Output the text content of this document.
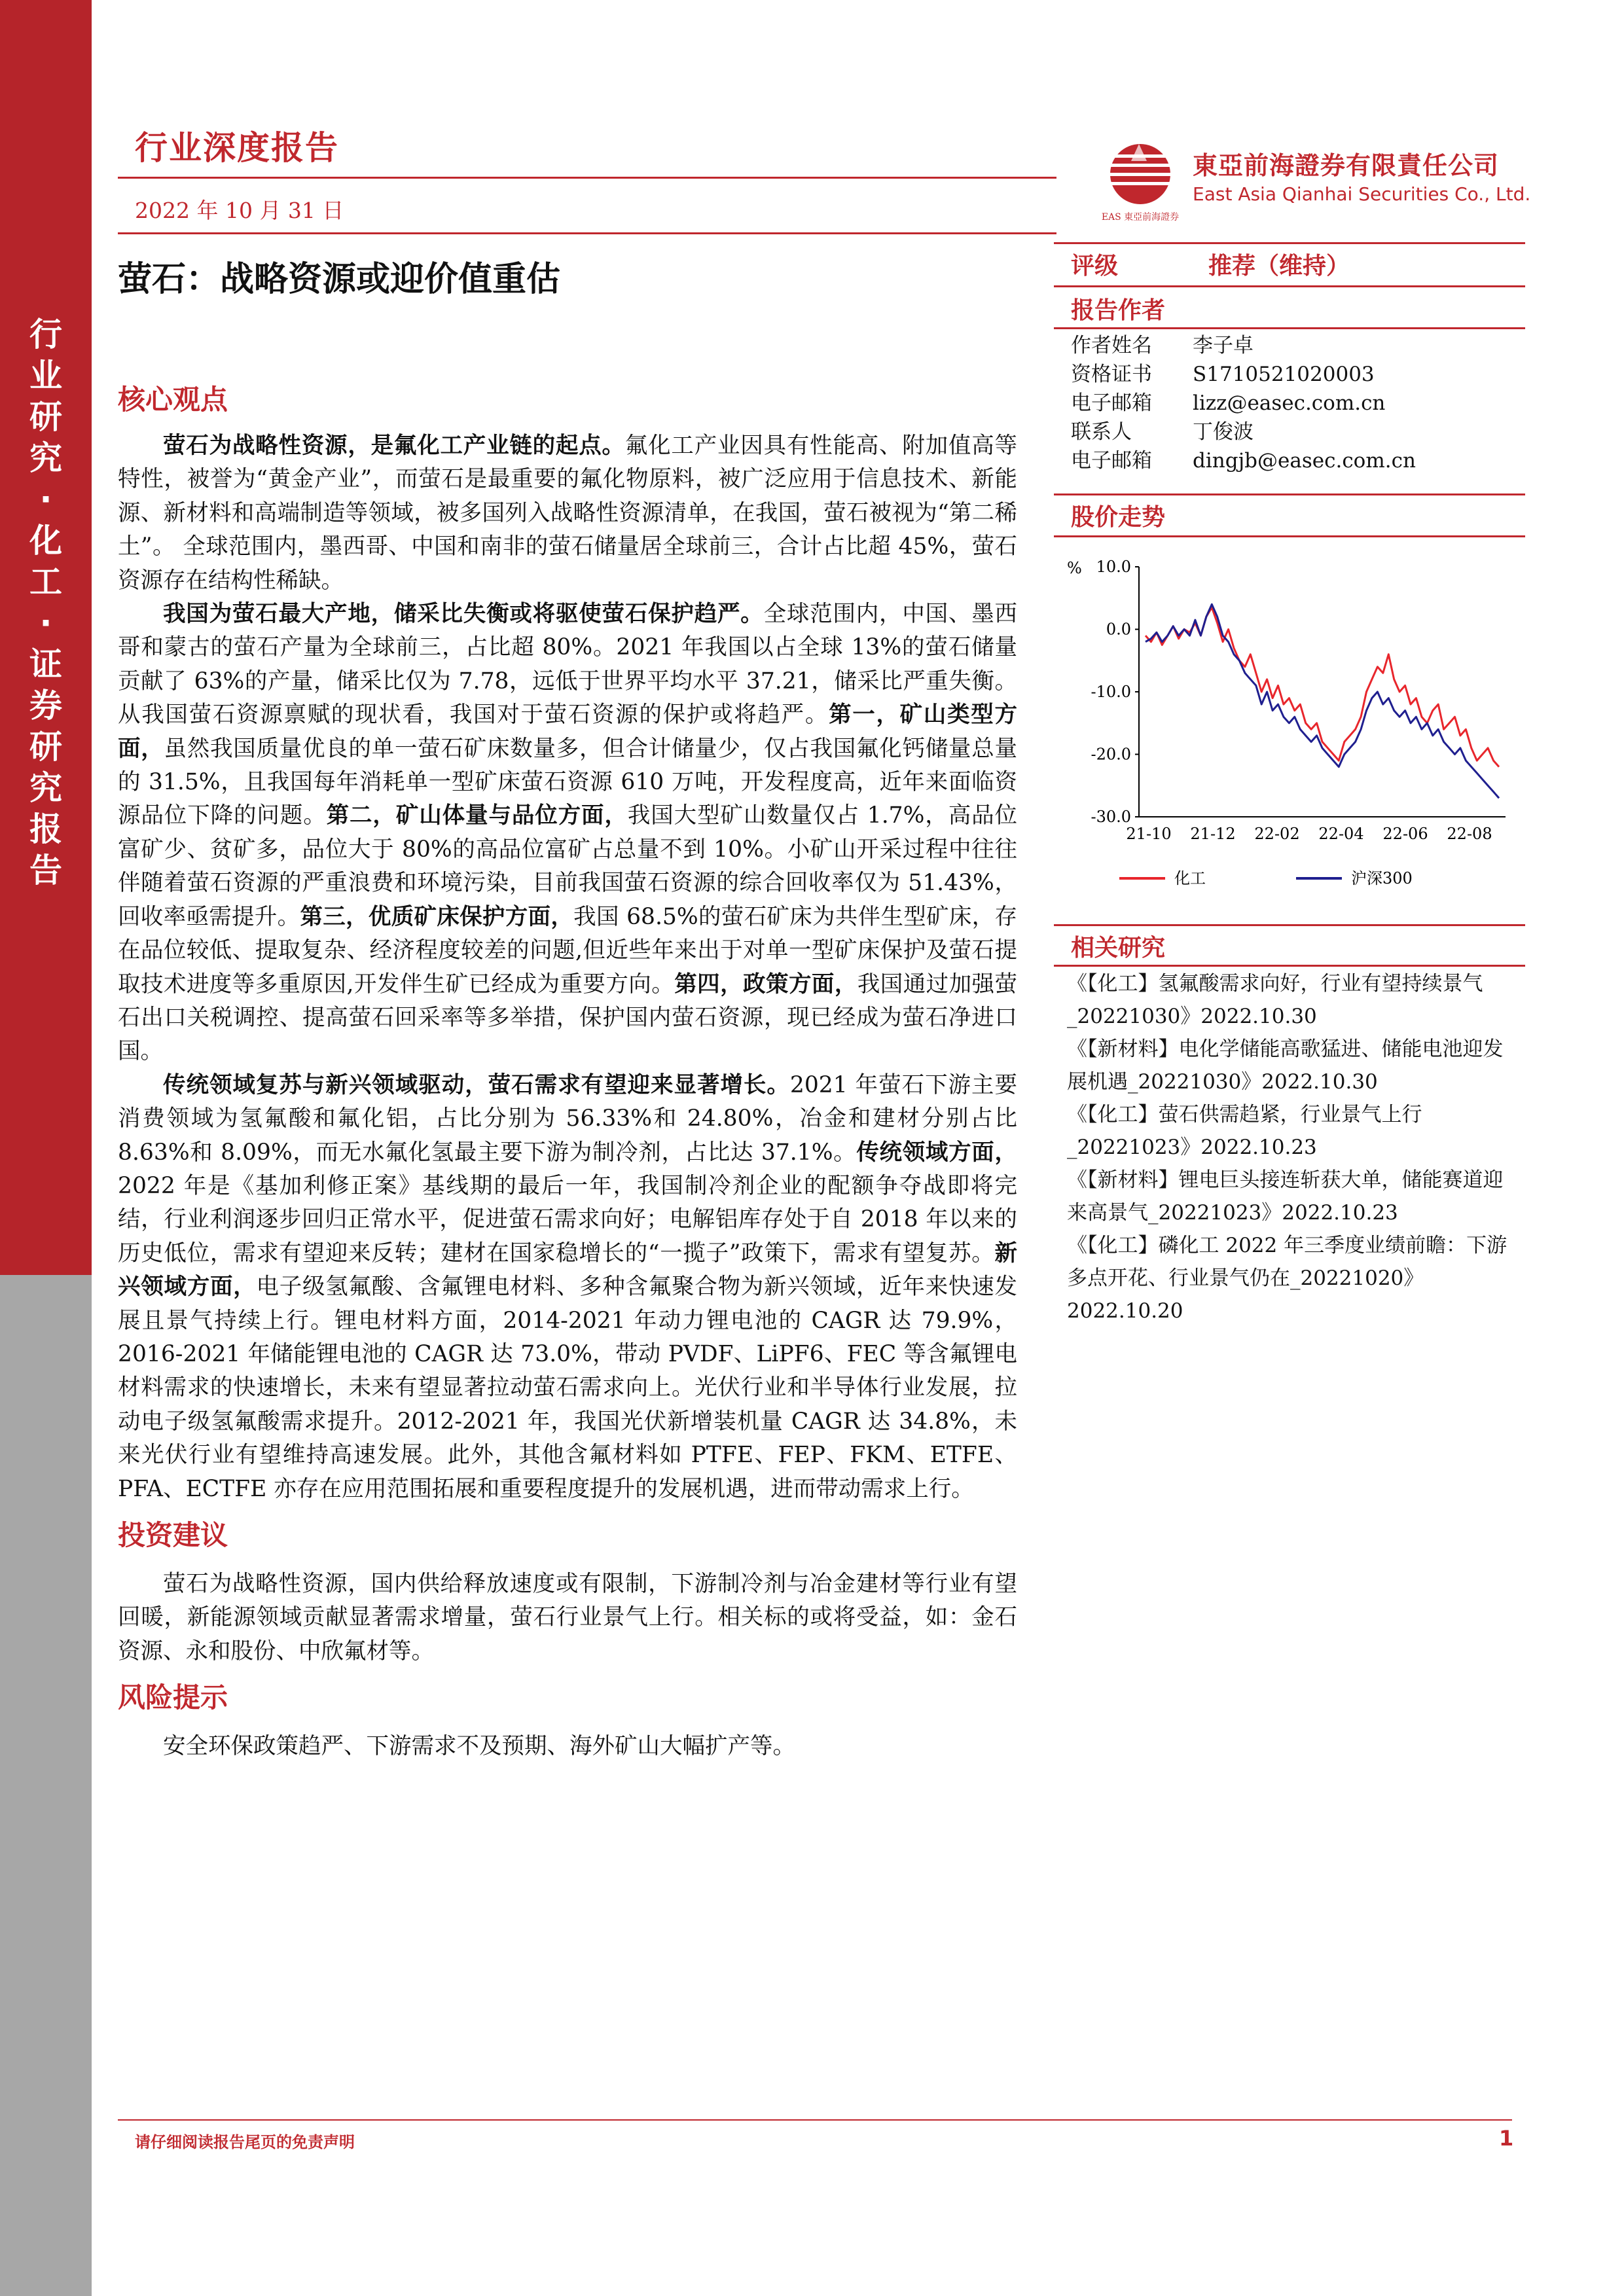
行
业
研
究
·
化
工
·
证
券
研
究
报
告
行业深度报告
2022 年 10 月 31 日	EAS 東亞前海證券
東亞前海證券有限責任公司
East Asia Qianhai Securities Co., Ltd.
萤石：战略资源或迎价值重估
核心观点

萤石为战略性资源，是氟化工产业链的起点。氟化工产业因具有性能高、附加值高等特性，被誉为“黄金产业”，而萤石是最重要的氟化物原料，被广泛应用于信息技术、新能源、新材料和高端制造等领域，被多国列入战略性资源清单，在我国，萤石被视为“第二稀土”。 全球范围内，墨西哥、中国和南非的萤石储量居全球前三，合计占比超 45%，萤石资源存在结构性稀缺。

我国为萤石最大产地，储采比失衡或将驱使萤石保护趋严。全球范围内，中国、墨西哥和蒙古的萤石产量为全球前三，占比超 80%。2021 年我国以占全球 13%的萤石储量贡献了 63%的产量，储采比仅为 7.78，远低于世界平均水平 37.21，储采比严重失衡。从我国萤石资源禀赋的现状看，我国对于萤石资源的保护或将趋严。第一，矿山类型方面，虽然我国质量优良的单一萤石矿床数量多，但合计储量少，仅占我国氟化钙储量总量的 31.5%，且我国每年消耗单一型矿床萤石资源 610 万吨，开发程度高，近年来面临资源品位下降的问题。第二，矿山体量与品位方面，我国大型矿山数量仅占 1.7%，高品位富矿少、贫矿多，品位大于 80%的高品位富矿占总量不到 10%。小矿山开采过程中往往伴随着萤石资源的严重浪费和环境污染，目前我国萤石资源的综合回收率仅为 51.43%，回收率亟需提升。第三，优质矿床保护方面，我国 68.5%的萤石矿床为共伴生型矿床，存在品位较低、提取复杂、经济程度较差的问题,但近些年来出于对单一型矿床保护及萤石提取技术进度等多重原因,开发伴生矿已经成为重要方向。第四，政策方面，我国通过加强萤石出口关税调控、提高萤石回采率等多举措，保护国内萤石资源，现已经成为萤石净进口国。

传统领域复苏与新兴领域驱动，萤石需求有望迎来显著增长。2021 年萤石下游主要消费领域为氢氟酸和氟化铝，占比分别为 56.33%和 24.80%，冶金和建材分别占比 8.63%和 8.09%，而无水氟化氢最主要下游为制冷剂，占比达 37.1%。传统领域方面，2022 年是《基加利修正案》基线期的最后一年，我国制冷剂企业的配额争夺战即将完结，行业利润逐步回归正常水平，促进萤石需求向好；电解铝库存处于自 2018 年以来的历史低位，需求有望迎来反转；建材在国家稳增长的“一揽子”政策下，需求有望复苏。新兴领域方面，电子级氢氟酸、含氟锂电材料、多种含氟聚合物为新兴领域，近年来快速发展且景气持续上行。锂电材料方面，2014-2021 年动力锂电池的 CAGR 达 79.9%，2016-2021 年储能锂电池的 CAGR 达 73.0%，带动 PVDF、LiPF6、FEC 等含氟锂电材料需求的快速增长，未来有望显著拉动萤石需求向上。光伏行业和半导体行业发展，拉动电子级氢氟酸需求提升。2012-2021 年，我国光伏新增装机量 CAGR 达 34.8%，未来光伏行业有望维持高速发展。此外，其他含氟材料如 PTFE、FEP、FKM、ETFE、PFA、ECTFE 亦存在应用范围拓展和重要程度提升的发展机遇，进而带动需求上行。

投资建议

萤石为战略性资源，国内供给释放速度或有限制，下游制冷剂与冶金建材等行业有望回暖，新能源领域贡献显著需求增量，萤石行业景气上行。相关标的或将受益，如：金石资源、永和股份、中欣氟材等。

风险提示

安全环保政策趋严、下游需求不及预期、海外矿山大幅扩产等。

评级	推荐（维持）
报告作者
作者姓名 李子卓
资格证书 S1710521020003
电子邮箱 lizz@easec.com.cn
联系人	丁俊波
电子邮箱 dingjb@easec.com.cn
股价走势
% 10.0
0.0
-10.0
-20.0
-30.0
21-10 21-12 22-02 22-04 22-06 22-08
化工	沪深300
相关研究
《【化工】氢氟酸需求向好，行业有望持续景气_20221030》2022.10.30
《【新材料】电化学储能高歌猛进、储能电池迎发展机遇_20221030》2022.10.30
《【化工】萤石供需趋紧，行业景气上行_20221023》2022.10.23
《【新材料】锂电巨头接连斩获大单，储能赛道迎来高景气_20221023》2022.10.23
《【化工】磷化工 2022 年三季度业绩前瞻：下游多点开花、行业景气仍在_20221020》2022.10.20
请仔细阅读报告尾页的免责声明	1
